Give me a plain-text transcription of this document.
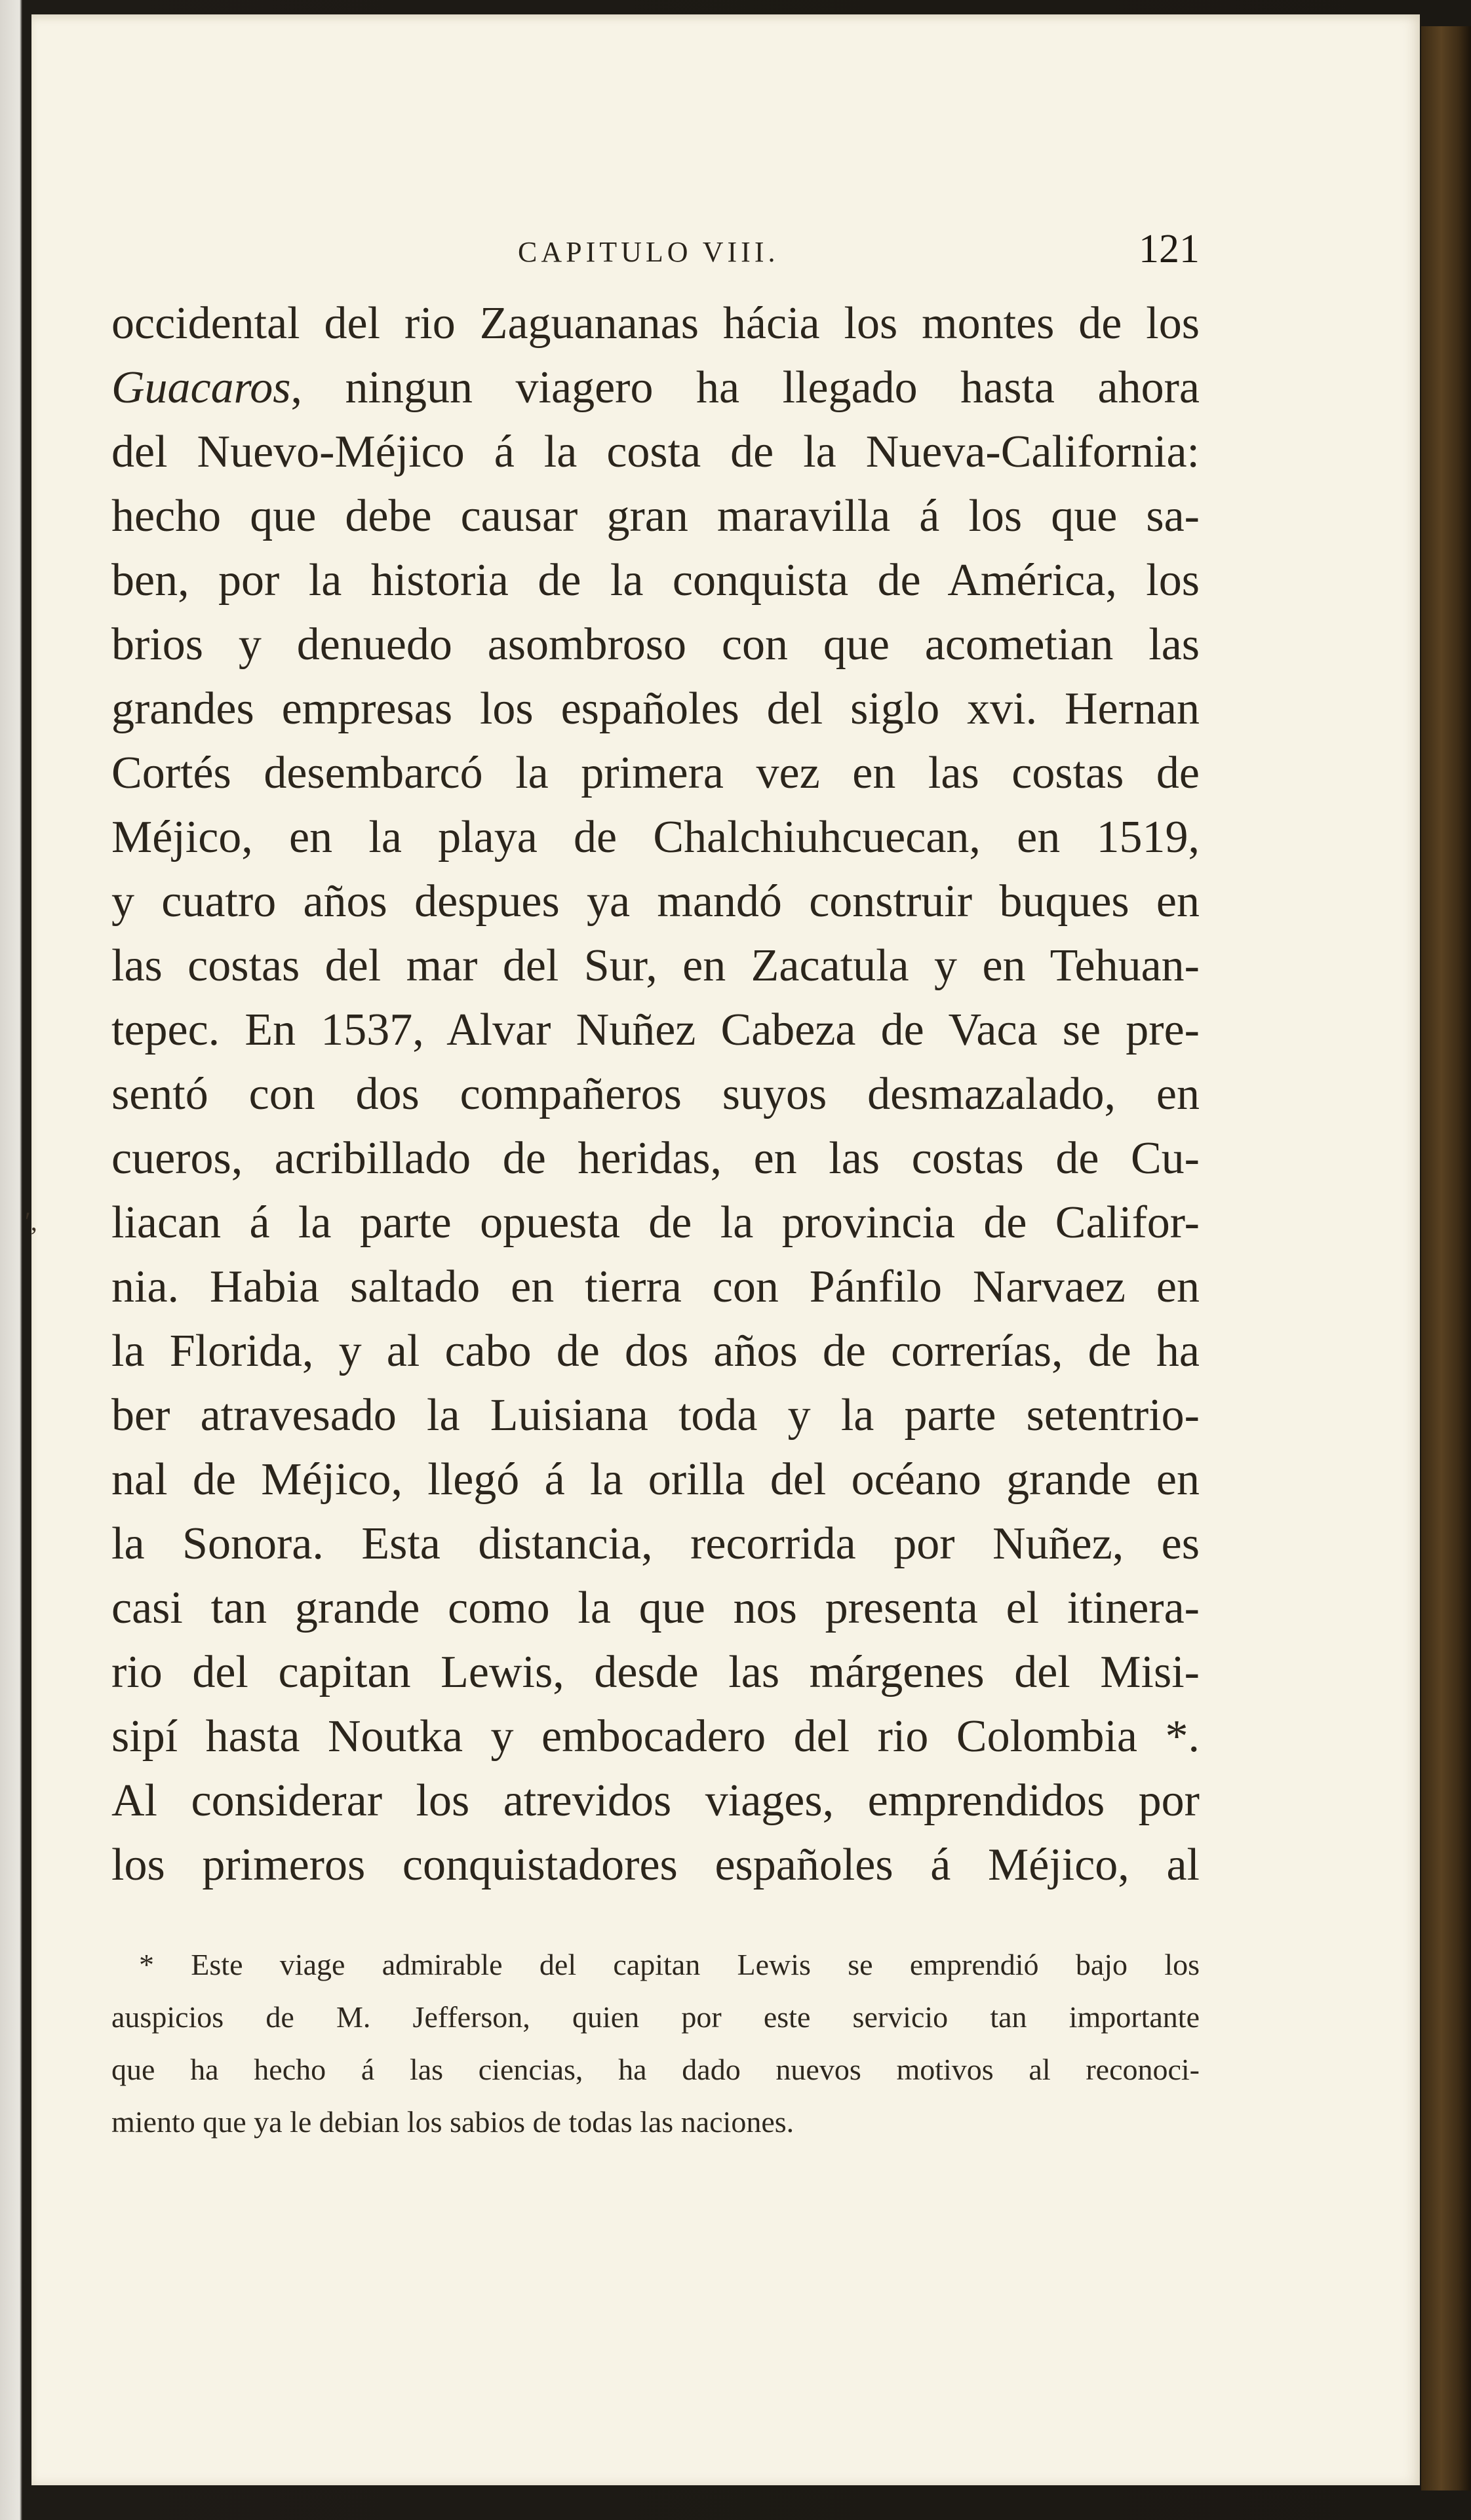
ʹ,
CAPITULO VIII.	121
occidental del rio Zaguananas hácia los montes de los
Guacaros, ningun viagero ha llegado hasta ahora
del Nuevo-Méjico á la costa de la Nueva-California:
hecho que debe causar gran maravilla á los que sa-
ben, por la historia de la conquista de América, los
brios y denuedo asombroso con que acometian las
grandes empresas los españoles del siglo xvi. Hernan
Cortés desembarcó la primera vez en las costas de
Méjico, en la playa de Chalchiuhcuecan, en 1519,
y cuatro años despues ya mandó construir buques en
las costas del mar del Sur, en Zacatula y en Tehuan-
tepec. En 1537, Alvar Nuñez Cabeza de Vaca se pre-
sentó con dos compañeros suyos desmazalado, en
cueros, acribillado de heridas, en las costas de Cu-
liacan á la parte opuesta de la provincia de Califor-
nia. Habia saltado en tierra con Pánfilo Narvaez en
la Florida, y al cabo de dos años de correrías, de ha
ber atravesado la Luisiana toda y la parte setentrio-
nal de Méjico, llegó á la orilla del océano grande en
la Sonora. Esta distancia, recorrida por Nuñez, es
casi tan grande como la que nos presenta el itinera-
rio del capitan Lewis, desde las márgenes del Misi-
sipí hasta Noutka y embocadero del rio Colombia *.
Al considerar los atrevidos viages, emprendidos por
los primeros conquistadores españoles á Méjico, al
* Este viage admirable del capitan Lewis se emprendió bajo los
auspicios de M. Jefferson, quien por este servicio tan importante
que ha hecho á las ciencias, ha dado nuevos motivos al reconoci-
miento que ya le debian los sabios de todas las naciones.
